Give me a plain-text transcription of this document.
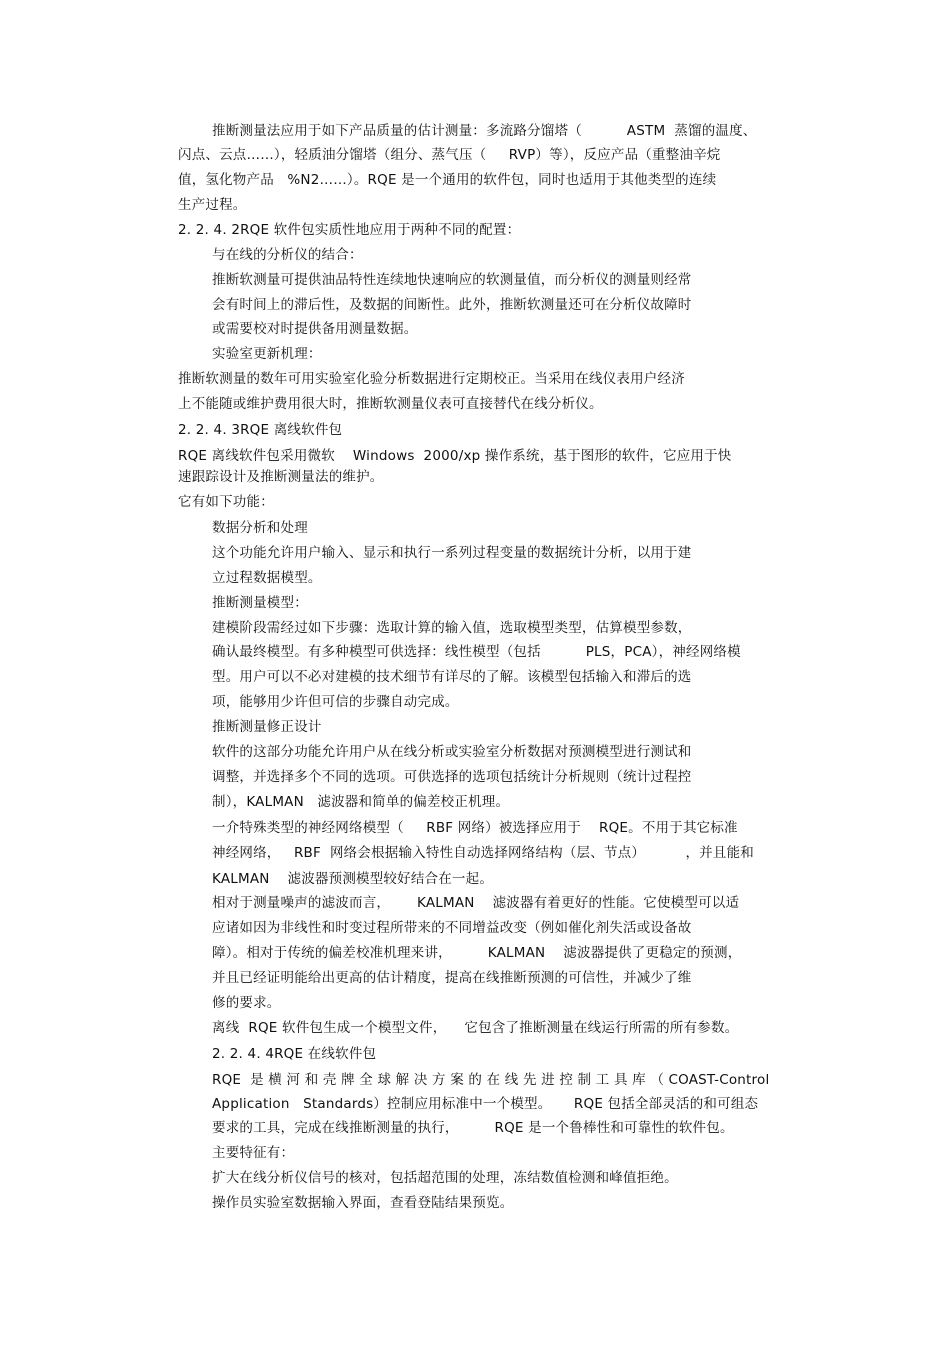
推断测量法应用于如下产品质量的估计测量：多流路分馏塔（          ASTM  蒸馏的温度、
闪点、云点……），轻质油分馏塔（组分、蒸气压（     RVP）等），反应产品（重整油辛烷
值，氢化物产品   %N2……）。RQE 是一个通用的软件包，同时也适用于其他类型的连续
生产过程。
2. 2. 4. 2RQE 软件包实质性地应用于两种不同的配置：
与在线的分析仪的结合：
推断软测量可提供油品特性连续地快速响应的软测量值，而分析仪的测量则经常
会有时间上的滞后性，及数据的间断性。此外，推断软测量还可在分析仪故障时
或需要校对时提供备用测量数据。
实验室更新机理：
推断软测量的数年可用实验室化验分析数据进行定期校正。当采用在线仪表用户经济
上不能随或维护费用很大时，推断软测量仪表可直接替代在线分析仪。
2. 2. 4. 3RQE 离线软件包
RQE 离线软件包采用微软    Windows  2000/xp 操作系统，基于图形的软件，它应用于快
速跟踪设计及推断测量法的维护。
它有如下功能：
数据分析和处理
这个功能允许用户输入、显示和执行一系列过程变量的数据统计分析，以用于建
立过程数据模型。
推断测量模型：
建模阶段需经过如下步骤：选取计算的输入值，选取模型类型，估算模型参数，
确认最终模型。有多种模型可供选择：线性模型（包括          PLS，PCA），神经网络模
型。用户可以不必对建模的技术细节有详尽的了解。该模型包括输入和滞后的选
项，能够用少许但可信的步骤自动完成。
推断测量修正设计
软件的这部分功能允许用户从在线分析或实验室分析数据对预测模型进行测试和
调整，并选择多个不同的选项。可供选择的选项包括统计分析规则（统计过程控
制），KALMAN   滤波器和简单的偏差校正机理。
一介特殊类型的神经网络模型（     RBF 网络）被选择应用于    RQE。不用于其它标准
神经网络，   RBF  网络会根据输入特性自动选择网络结构（层、节点）         ，并且能和
KALMAN    滤波器预测模型较好结合在一起。
相对于测量噪声的滤波而言，      KALMAN    滤波器有着更好的性能。它使模型可以适
应诸如因为非线性和时变过程所带来的不同增益改变（例如催化剂失活或设备故
障）。相对于传统的偏差校准机理来讲，        KALMAN    滤波器提供了更稳定的预测，
并且已经证明能给出更高的估计精度，提高在线推断预测的可信性，并减少了维
修的要求。
离线  RQE 软件包生成一个模型文件，    它包含了推断测量在线运行所需的所有参数。
2. 2. 4. 4RQE 在线软件包
RQE  是 横 河 和 壳 牌 全 球 解 决 方 案 的 在 线 先 进 控 制 工 具 库 （ COAST-Control
Application   Standards）控制应用标准中一个模型。     RQE 包括全部灵活的和可组态
要求的工具，完成在线推断测量的执行，        RQE 是一个鲁棒性和可靠性的软件包。
主要特征有：
扩大在线分析仪信号的核对，包括超范围的处理，冻结数值检测和峰值拒绝。
操作员实验室数据输入界面，查看登陆结果预览。
